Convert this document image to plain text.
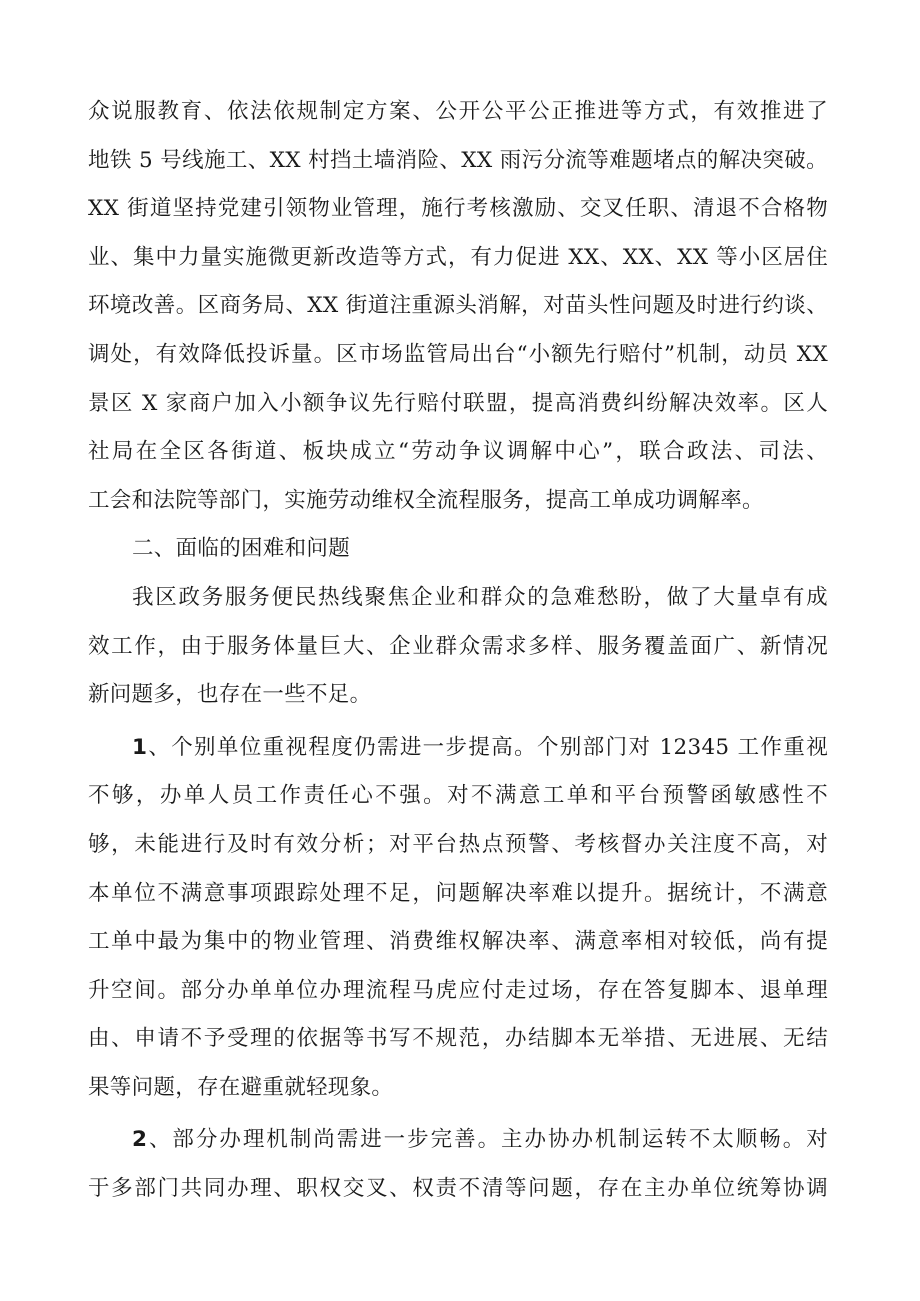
众说服教育、依法依规制定方案、公开公平公正推进等方式，有效推进了
地铁 5 号线施工、XX 村挡土墙消险、XX 雨污分流等难题堵点的解决突破。
XX 街道坚持党建引领物业管理，施行考核激励、交叉任职、清退不合格物
业、集中力量实施微更新改造等方式，有力促进 XX、XX、XX 等小区居住
环境改善。区商务局、XX 街道注重源头消解，对苗头性问题及时进行约谈、
调处，有效降低投诉量。区市场监管局出台“小额先行赔付”机制，动员 XX
景区 X 家商户加入小额争议先行赔付联盟，提高消费纠纷解决效率。区人
社局在全区各街道、板块成立“劳动争议调解中心”，联合政法、司法、
工会和法院等部门，实施劳动维权全流程服务，提高工单成功调解率。
二、面临的困难和问题
我区政务服务便民热线聚焦企业和群众的急难愁盼，做了大量卓有成
效工作，由于服务体量巨大、企业群众需求多样、服务覆盖面广、新情况
新问题多，也存在一些不足。
1、个别单位重视程度仍需进一步提高。个别部门对 12345 工作重视
不够，办单人员工作责任心不强。对不满意工单和平台预警函敏感性不
够，未能进行及时有效分析；对平台热点预警、考核督办关注度不高，对
本单位不满意事项跟踪处理不足，问题解决率难以提升。据统计，不满意
工单中最为集中的物业管理、消费维权解决率、满意率相对较低，尚有提
升空间。部分办单单位办理流程马虎应付走过场，存在答复脚本、退单理
由、申请不予受理的依据等书写不规范，办结脚本无举措、无进展、无结
果等问题，存在避重就轻现象。
2、部分办理机制尚需进一步完善。主办协办机制运转不太顺畅。对
于多部门共同办理、职权交叉、权责不清等问题，存在主办单位统筹协调
